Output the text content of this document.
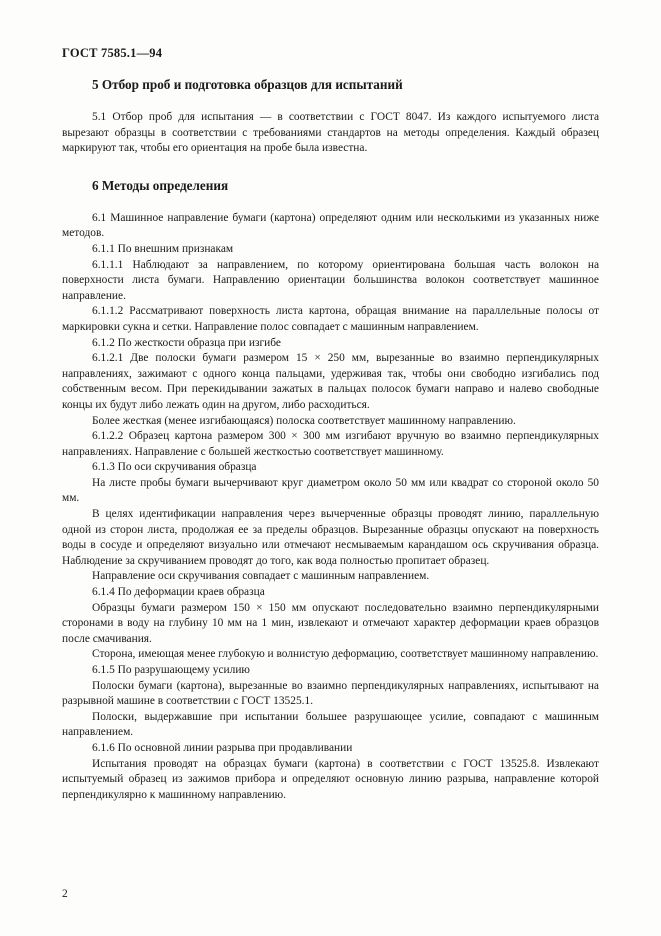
ГОСТ 7585.1—94
5 Отбор проб и подготовка образцов для испытаний

5.1 Отбор проб для испытания — в соответствии с ГОСТ 8047. Из каждого испытуемого листа вырезают образцы в соответствии с требованиями стандартов на методы определения. Каждый образец маркируют так, чтобы его ориентация на пробе была известна.

6 Методы определения

6.1 Машинное направление бумаги (картона) определяют одним или несколькими из указанных ниже методов.

6.1.1 По внешним признакам

6.1.1.1 Наблюдают за направлением, по которому ориентирована большая часть волокон на поверхности листа бумаги. Направлению ориентации большинства волокон соответствует машинное направление.

6.1.1.2 Рассматривают поверхность листа картона, обращая внимание на параллельные полосы от маркировки сукна и сетки. Направление полос совпадает с машинным направлением.

6.1.2 По жесткости образца при изгибе

6.1.2.1 Две полоски бумаги размером 15 × 250 мм, вырезанные во взаимно перпендикулярных направлениях, зажимают с одного конца пальцами, удерживая так, чтобы они свободно изгибались под собственным весом. При перекидывании зажатых в пальцах полосок бумаги направо и налево свободные концы их будут либо лежать один на другом, либо расходиться.

Более жесткая (менее изгибающаяся) полоска соответствует машинному направлению.

6.1.2.2 Образец картона размером 300 × 300 мм изгибают вручную во взаимно перпендикулярных направлениях. Направление с большей жесткостью соответствует машинному.

6.1.3 По оси скручивания образца

На листе пробы бумаги вычерчивают круг диаметром около 50 мм или квадрат со стороной около 50 мм.

В целях идентификации направления через вычерченные образцы проводят линию, параллельную одной из сторон листа, продолжая ее за пределы образцов. Вырезанные образцы опускают на поверхность воды в сосуде и определяют визуально или отмечают несмываемым карандашом ось скручивания образца. Наблюдение за скручиванием проводят до того, как вода полностью пропитает образец.

Направление оси скручивания совпадает с машинным направлением.

6.1.4 По деформации краев образца

Образцы бумаги размером 150 × 150 мм опускают последовательно взаимно перпендикулярными сторонами в воду на глубину 10 мм на 1 мин, извлекают и отмечают характер деформации краев образцов после смачивания.

Сторона, имеющая менее глубокую и волнистую деформацию, соответствует машинному направлению.

6.1.5 По разрушающему усилию

Полоски бумаги (картона), вырезанные во взаимно перпендикулярных направлениях, испытывают на разрывной машине в соответствии с ГОСТ 13525.1.

Полоски, выдержавшие при испытании большее разрушающее усилие, совпадают с машинным направлением.

6.1.6 По основной линии разрыва при продавливании

Испытания проводят на образцах бумаги (картона) в соответствии с ГОСТ 13525.8. Извлекают испытуемый образец из зажимов прибора и определяют основную линию разрыва, направление которой перпендикулярно к машинному направлению.

2
